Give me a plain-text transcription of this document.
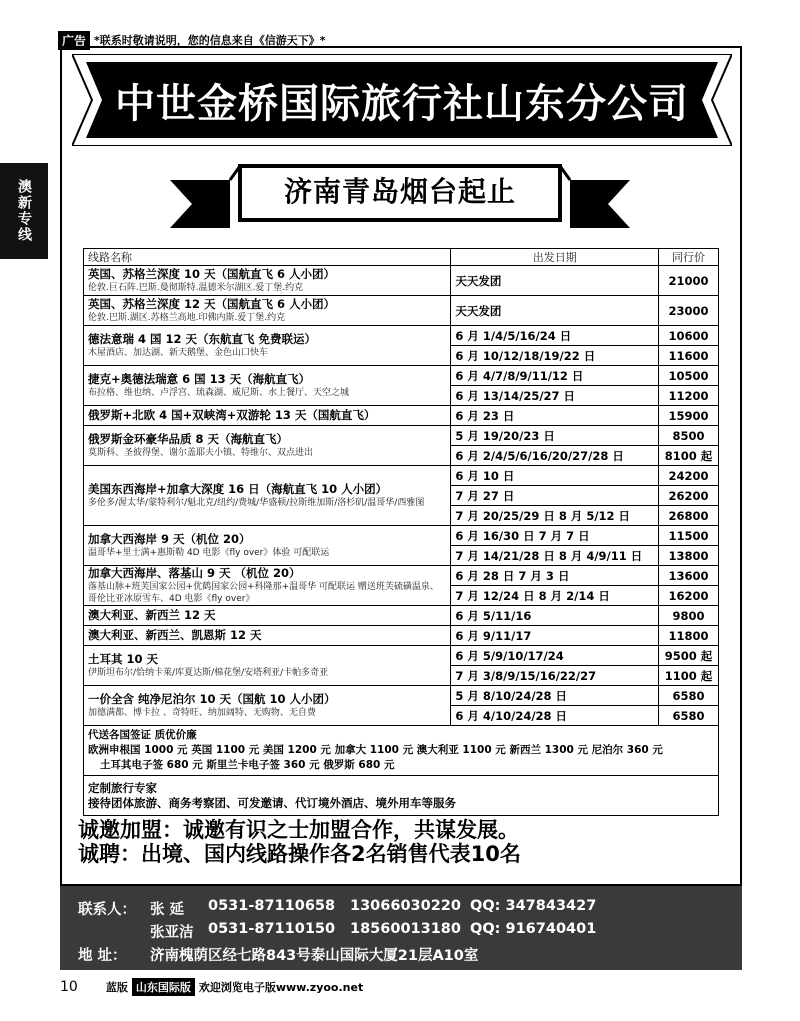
广告 *联系时敬请说明，您的信息来自《信游天下》*
澳新专线
中世金桥国际旅行社山东分公司
济南青岛烟台起止
线路名称	出发日期	同行价

英国、苏格兰深度 10 天（国航直飞 6 人小团）
伦敦.巨石阵.巴斯.曼彻斯特.温德米尔湖区.爱丁堡.约克	天天发团	21000

英国、苏格兰深度 12 天（国航直飞 6 人小团）
伦敦.巴斯.湖区.苏格兰高地.印佛内斯.爱丁堡.约克	天天发团	23000

德法意瑞 4 国 12 天（东航直飞 免费联运）
木屋酒店、加达湖、新天鹅堡、金色山口快车	6 月 1/4/5/16/24 日	10600
	6 月 10/12/18/19/22 日	11600

捷克+奥德法瑞意 6 国 13 天（海航直飞）
布拉格、维也纳、卢浮宫、琉森湖、威尼斯、水上餐厅、天空之城	6 月 4/7/8/9/11/12 日	10500
	6 月 13/14/25/27 日	11200

俄罗斯+北欧 4 国+双峡湾+双游轮 13 天（国航直飞）	6 月 23 日	15900

俄罗斯金环豪华品质 8 天（海航直飞）
莫斯科、圣彼得堡、谢尔盖耶夫小镇、特维尔、双点进出	5 月 19/20/23 日	8500
	6 月 2/4/5/6/16/20/27/28 日	8100 起

美国东西海岸+加拿大深度 16 日（海航直飞 10 人小团）
多伦多/渥太华/蒙特利尔/魁北克/纽约/费城/华盛顿/拉斯维加斯/洛杉矶/温哥华/西雅图	6 月 10 日	24200
	7 月 27 日	26200
	7 月 20/25/29 日 8 月 5/12 日	26800

加拿大西海岸 9 天（机位 20）
温哥华+里士满+惠斯勒 4D 电影《fly over》体验 可配联运	6 月 16/30 日 7 月 7 日	11500
	7 月 14/21/28 日 8 月 4/9/11 日	13800

加拿大西海岸、落基山 9 天 （机位 20）
落基山脉+班芙国家公园+优鹤国家公园+科隆那+温哥华 可配联运 赠送班芙硫磺温泉、哥伦比亚冰原雪车、4D 电影《fly over》	6 月 28 日 7 月 3 日	13600
	7 月 12/24 日 8 月 2/14 日	16200

澳大利亚、新西兰 12 天	6 月 5/11/16	9800

澳大利亚、新西兰、凯恩斯 12 天	6 月 9/11/17	11800

土耳其 10 天
伊斯坦布尔/恰纳卡莱/库夏达斯/棉花堡/安塔利亚/卡帕多奇亚	6 月 5/9/10/17/24	9500 起
	7 月 3/8/9/15/16/22/27	1100 起

一价全含 纯净尼泊尔 10 天（国航 10 人小团）
加德满都、博卡拉 、奇特旺、纳加阔特、无购物、无自费	5 月 8/10/24/28 日	6580
	6 月 4/10/24/28 日	6580

代送各国签证 质优价廉
欧洲申根国 1000 元 英国 1100 元 美国 1200 元 加拿大 1100 元 澳大利亚 1100 元 新西兰 1300 元 尼泊尔 360 元
土耳其电子签 680 元 斯里兰卡电子签 360 元 俄罗斯 680 元		

定制旅行专家
接待团体旅游、商务考察团、可发邀请、代订境外酒店、境外用车等服务		
诚邀加盟：诚邀有识之士加盟合作，共谋发展。
诚聘：出境、国内线路操作各2名销售代表10名
联系人： 张 延 0531-87110658 13066030220 QQ: 347843427
张亚洁 0531-87110150 18560013180 QQ: 916740401
地 址： 济南槐荫区经七路843号泰山国际大厦21层A10室
10	蓝版 山东国际版 欢迎浏览电子版www.zyoo.net
